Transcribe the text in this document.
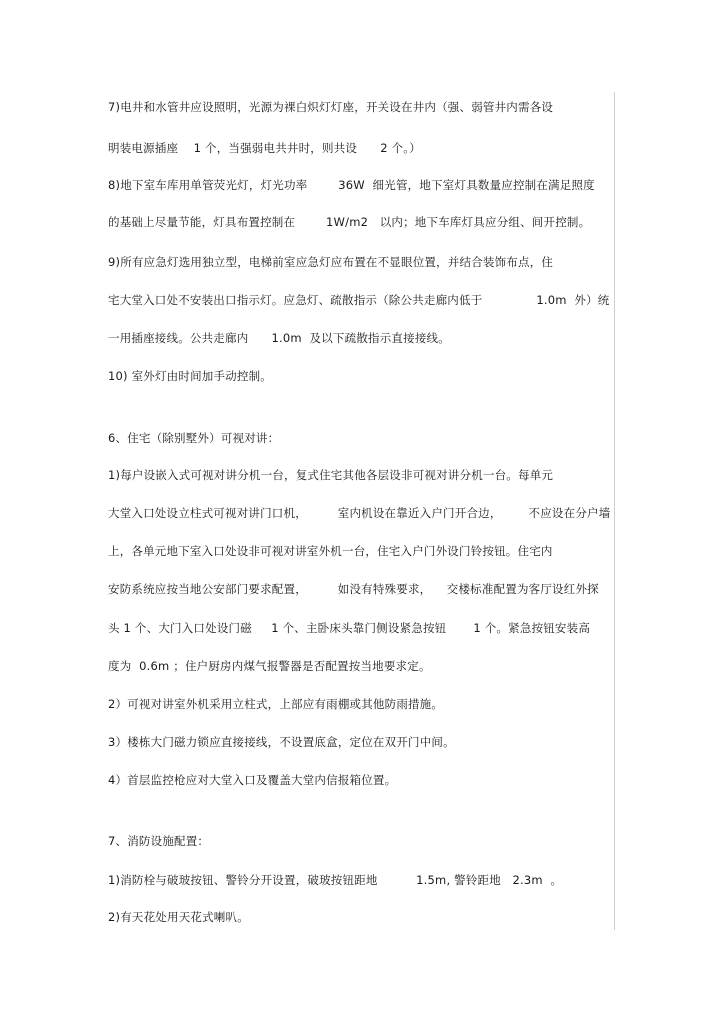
7)电井和水管井应设照明，光源为裸白炽灯灯座，开关设在井内（强、弱管井内需各设
明装电源插座    1 个，当强弱电共井时，则共设      2 个。）
8)地下室车库用单管荧光灯，灯光功率        36W  细光管，地下室灯具数量应控制在满足照度
的基础上尽量节能，灯具布置控制在        1W/m2   以内；地下车库灯具应分组、间开控制。
9)所有应急灯选用独立型，电梯前室应急灯应布置在不显眼位置，并结合装饰布点，住
宅大堂入口处不安装出口指示灯。应急灯、疏散指示（除公共走廊内低于              1.0m  外）统
一用插座接线。公共走廊内      1.0m  及以下疏散指示直接接线。
10) 室外灯由时间加手动控制。
6、住宅（除别墅外）可视对讲：
1)每户设嵌入式可视对讲分机一台，复式住宅其他各层设非可视对讲分机一台。每单元
大堂入口处设立柱式可视对讲门口机，        室内机设在靠近入户门开合边，       不应设在分户墙
上，各单元地下室入口处设非可视对讲室外机一台，住宅入户门外设门铃按钮。住宅内
安防系统应按当地公安部门要求配置，        如没有特殊要求，    交楼标准配置为客厅设红外探
头 1 个、大门入口处设门磁     1 个、主卧床头靠门侧设紧急按钮       1 个。紧急按钮安装高
度为  0.6m ；住户厨房内煤气报警器是否配置按当地要求定。
2）可视对讲室外机采用立柱式，上部应有雨棚或其他防雨措施。
3）楼栋大门磁力锁应直接接线，不设置底盒，定位在双开门中间。
4）首层监控枪应对大堂入口及覆盖大堂内信报箱位置。
7、消防设施配置：
1)消防栓与破玻按钮、警铃分开设置，破玻按钮距地          1.5m, 警铃距地   2.3m  。
2)有天花处用天花式喇叭。
